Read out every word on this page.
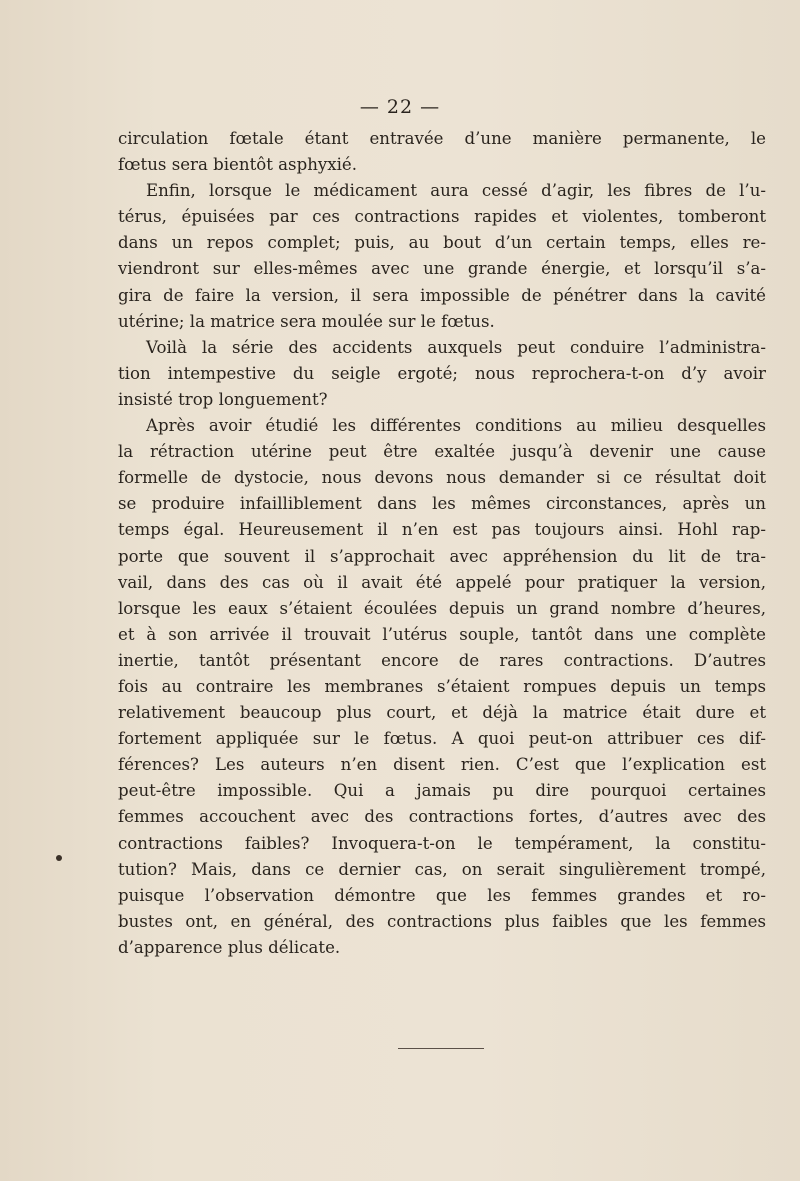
— 22 —
circulation fœtale étant entravée d’une manière permanente, le
fœtus sera bientôt asphyxié.
Enfin, lorsque le médicament aura cessé d’agir, les fibres de l’u-
térus, épuisées par ces contractions rapides et violentes, tomberont
dans un repos complet; puis, au bout d’un certain temps, elles re-
viendront sur elles-mêmes avec une grande énergie, et lorsqu’il s’a-
gira de faire la version, il sera impossible de pénétrer dans la cavité
utérine; la matrice sera moulée sur le fœtus.
Voilà la série des accidents auxquels peut conduire l’administra-
tion intempestive du seigle ergoté; nous reprochera-t-on d’y avoir
insisté trop longuement?
Après avoir étudié les différentes conditions au milieu desquelles
la rétraction utérine peut être exaltée jusqu’à devenir une cause
formelle de dystocie, nous devons nous demander si ce résultat doit
se produire infailliblement dans les mêmes circonstances, après un
temps égal. Heureusement il n’en est pas toujours ainsi. Hohl rap-
porte que souvent il s’approchait avec appréhension du lit de tra-
vail, dans des cas où il avait été appelé pour pratiquer la version,
lorsque les eaux s’étaient écoulées depuis un grand nombre d’heures,
et à son arrivée il trouvait l’utérus souple, tantôt dans une complète
inertie, tantôt présentant encore de rares contractions. D’autres
fois au contraire les membranes s’étaient rompues depuis un temps
relativement beaucoup plus court, et déjà la matrice était dure et
fortement appliquée sur le fœtus. A quoi peut-on attribuer ces dif-
férences? Les auteurs n’en disent rien. C’est que l’explication est
peut-être impossible. Qui a jamais pu dire pourquoi certaines
femmes accouchent avec des contractions fortes, d’autres avec des
contractions faibles? Invoquera-t-on le tempérament, la constitu-
tution? Mais, dans ce dernier cas, on serait singulièrement trompé,
puisque l’observation démontre que les femmes grandes et ro-
bustes ont, en général, des contractions plus faibles que les femmes
d’apparence plus délicate.
